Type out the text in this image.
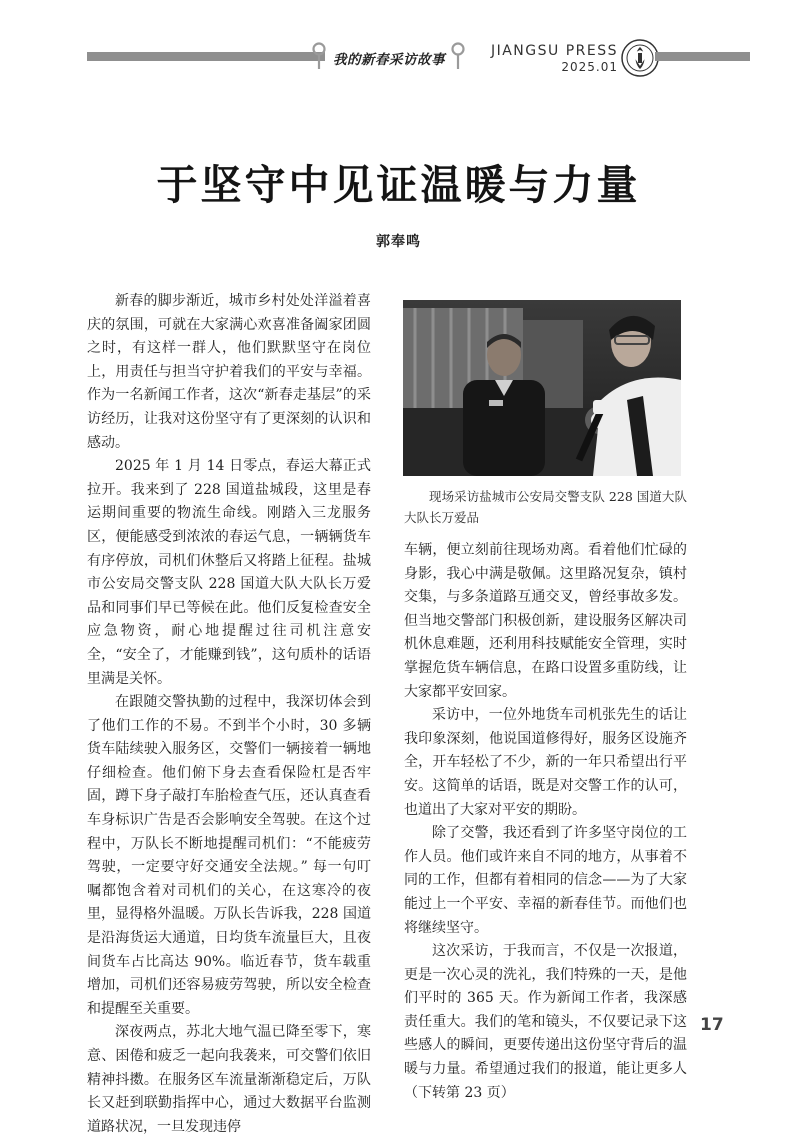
我的新春采访故事
JIANGSU PRESS
2025.01
于坚守中见证温暖与力量
郭奉鸣

新春的脚步渐近，城市乡村处处洋溢着喜庆的氛围，可就在大家满心欢喜准备阖家团圆之时，有这样一群人，他们默默坚守在岗位上，用责任与担当守护着我们的平安与幸福。作为一名新闻工作者，这次“新春走基层”的采访经历，让我对这份坚守有了更深刻的认识和感动。

2025 年 1 月 14 日零点，春运大幕正式拉开。我来到了 228 国道盐城段，这里是春运期间重要的物流生命线。刚踏入三龙服务区，便能感受到浓浓的春运气息，一辆辆货车有序停放，司机们休整后又将踏上征程。盐城市公安局交警支队 228 国道大队大队长万爱品和同事们早已等候在此。他们反复检查安全应急物资，耐心地提醒过往司机注意安全，“安全了，才能赚到钱”，这句质朴的话语里满是关怀。

在跟随交警执勤的过程中，我深切体会到了他们工作的不易。不到半个小时，30 多辆货车陆续驶入服务区，交警们一辆接着一辆地仔细检查。他们俯下身去查看保险杠是否牢固，蹲下身子敲打车胎检查气压，还认真查看车身标识广告是否会影响安全驾驶。在这个过程中，万队长不断地提醒司机们：“不能疲劳驾驶，一定要守好交通安全法规。” 每一句叮嘱都饱含着对司机们的关心，在这寒冷的夜里，显得格外温暖。万队长告诉我，228 国道是沿海货运大通道，日均货车流量巨大，且夜间货车占比高达 90%。临近春节，货车载重增加，司机们还容易疲劳驾驶，所以安全检查和提醒至关重要。

深夜两点，苏北大地气温已降至零下，寒意、困倦和疲乏一起向我袭来，可交警们依旧精神抖擞。在服务区车流量渐渐稳定后，万队长又赶到联勤指挥中心，通过大数据平台监测道路状况，一旦发现违停

现场采访盐城市公安局交警支队 228 国道大队大队长万爱品

车辆，便立刻前往现场劝离。看着他们忙碌的身影，我心中满是敬佩。这里路况复杂，镇村交集，与多条道路互通交叉，曾经事故多发。但当地交警部门积极创新，建设服务区解决司机休息难题，还利用科技赋能安全管理，实时掌握危货车辆信息，在路口设置多重防线，让大家都平安回家。

采访中，一位外地货车司机张先生的话让我印象深刻，他说国道修得好，服务区设施齐全，开车轻松了不少，新的一年只希望出行平安。这简单的话语，既是对交警工作的认可，也道出了大家对平安的期盼。

除了交警，我还看到了许多坚守岗位的工作人员。他们或许来自不同的地方，从事着不同的工作，但都有着相同的信念——为了大家能过上一个平安、幸福的新春佳节。而他们也将继续坚守。

这次采访，于我而言，不仅是一次报道，更是一次心灵的洗礼，我们特殊的一天，是他们平时的 365 天。作为新闻工作者，我深感责任重大。我们的笔和镜头，不仅要记录下这些感人的瞬间，更要传递出这份坚守背后的温暖与力量。希望通过我们的报道，能让更多人（下转第 23 页）

17
